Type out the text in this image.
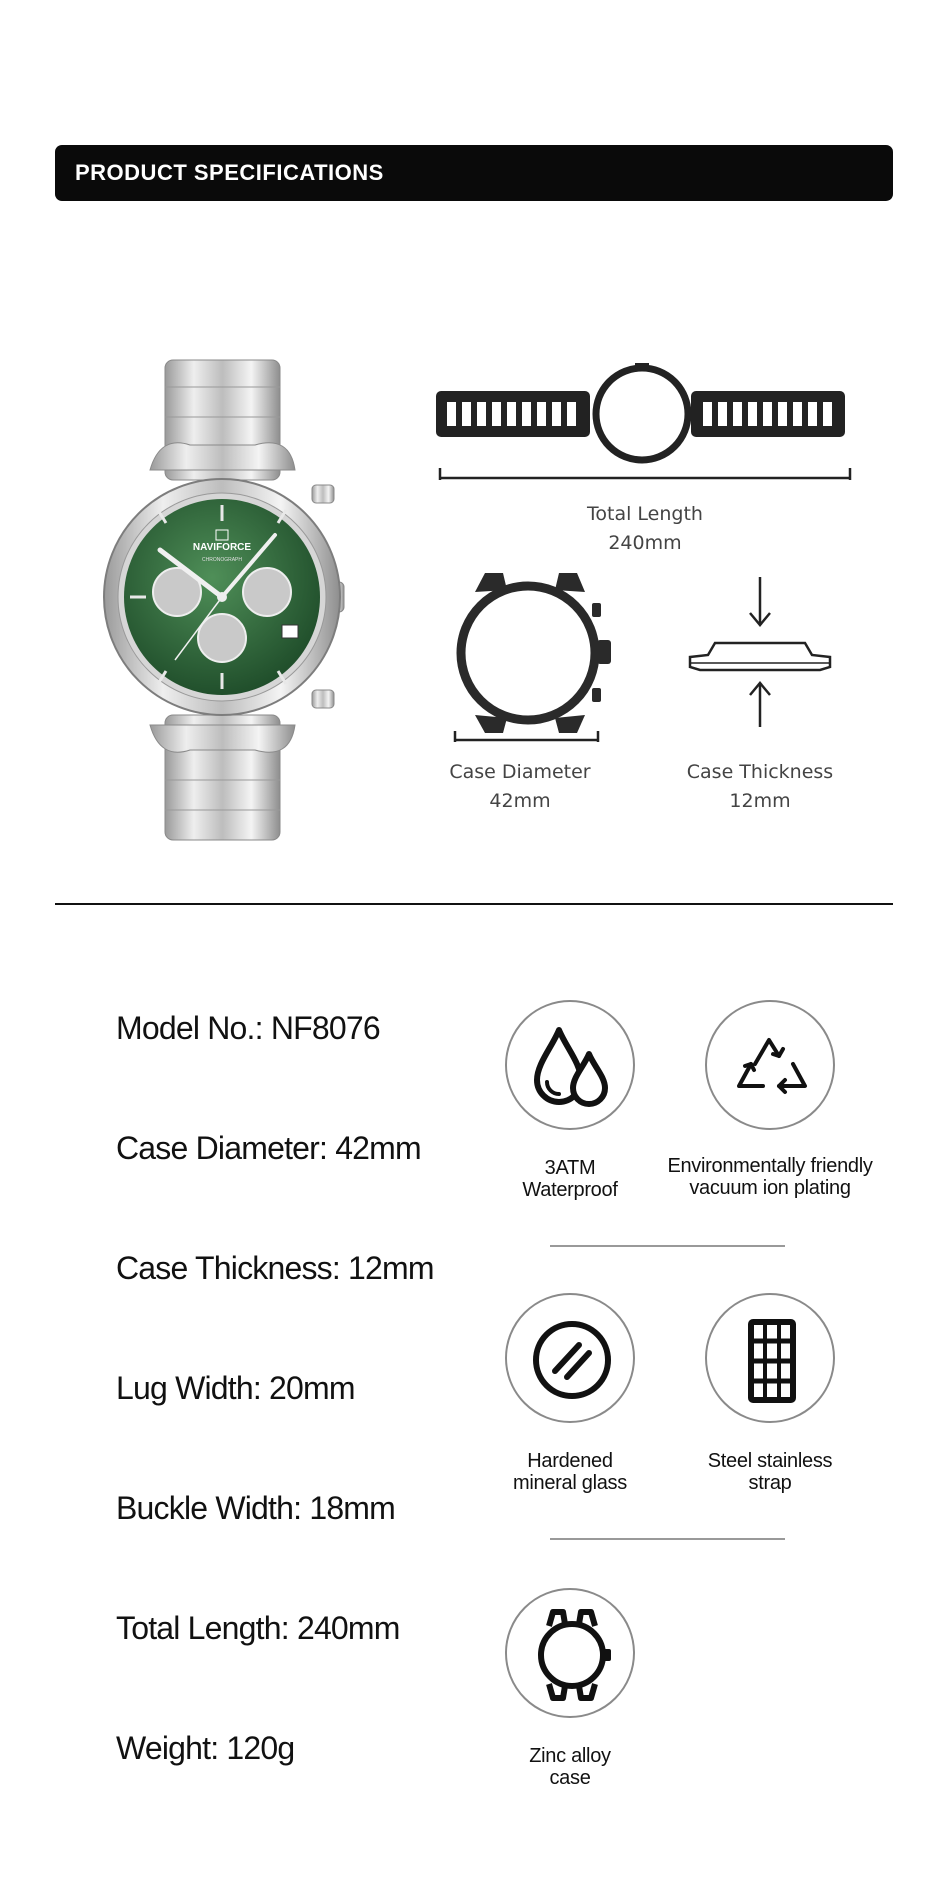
PRODUCT SPECIFICATIONS
NAVIFORCE
CHRONOGRAPH
Total Length
240mm
Case Diameter
42mm
Case Thickness
12mm
Model No.: NF8076
Case Diameter: 42mm
Case Thickness: 12mm
Lug Width: 20mm
Buckle Width: 18mm
Total Length: 240mm
Weight: 120g
3ATM
Waterproof
Environmentally friendly
vacuum ion plating
Hardened
mineral glass
Steel stainless
strap
Zinc alloy
case
